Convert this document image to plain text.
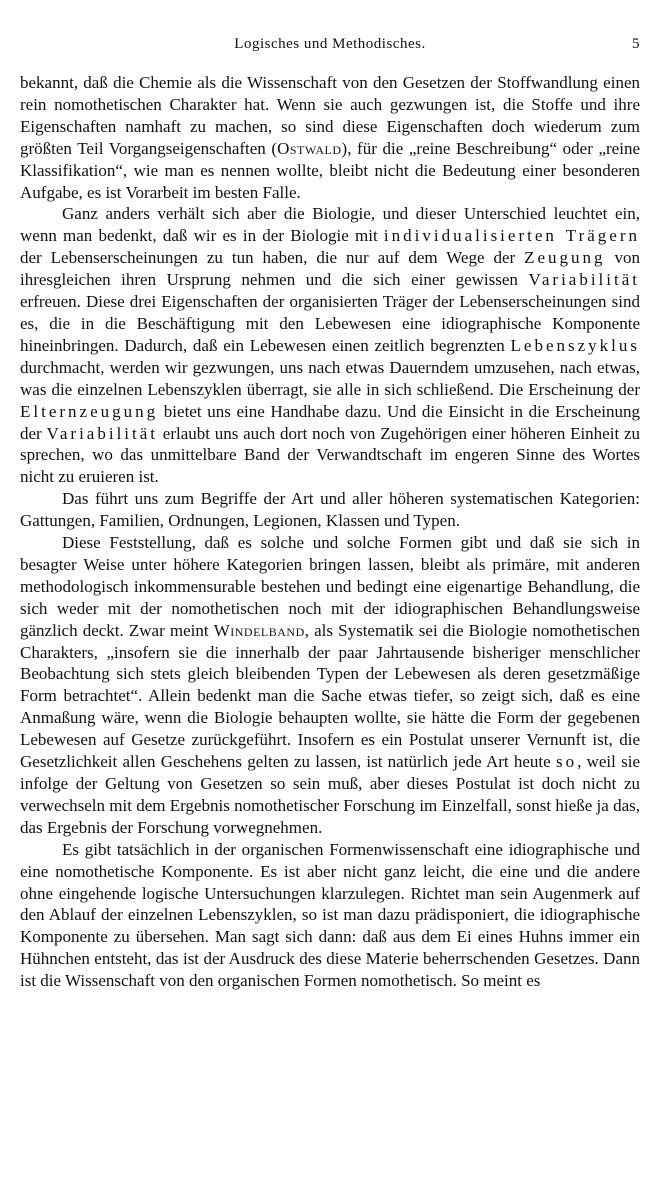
Logisches und Methodisches.	5

bekannt, daß die Chemie als die Wissenschaft von den Gesetzen der Stoffwandlung einen rein nomothetischen Charakter hat. Wenn sie auch gezwungen ist, die Stoffe und ihre Eigenschaften namhaft zu machen, so sind diese Eigenschaften doch wiederum zum größten Teil Vorgangseigenschaften (Ostwald), für die „reine Beschreibung“ oder „reine Klassifikation“, wie man es nennen wollte, bleibt nicht die Bedeutung einer besonderen Aufgabe, es ist Vorarbeit im besten Falle.

Ganz anders verhält sich aber die Biologie, und dieser Unterschied leuchtet ein, wenn man bedenkt, daß wir es in der Biologie mit individualisierten Trägern der Lebenserscheinungen zu tun haben, die nur auf dem Wege der Zeugung von ihresgleichen ihren Ursprung nehmen und die sich einer gewissen Variabilität erfreuen. Diese drei Eigenschaften der organisierten Träger der Lebenserscheinungen sind es, die in die Beschäftigung mit den Lebewesen eine idiographische Komponente hineinbringen. Dadurch, daß ein Lebewesen einen zeitlich begrenzten Lebenszyklus durchmacht, werden wir gezwungen, uns nach etwas Dauerndem umzusehen, nach etwas, was die einzelnen Lebenszyklen überragt, sie alle in sich schließend. Die Erscheinung der Elternzeugung bietet uns eine Handhabe dazu. Und die Einsicht in die Erscheinung der Variabilität erlaubt uns auch dort noch von Zugehörigen einer höheren Einheit zu sprechen, wo das unmittelbare Band der Verwandtschaft im engeren Sinne des Wortes nicht zu eruieren ist.

Das führt uns zum Begriffe der Art und aller höheren systematischen Kategorien: Gattungen, Familien, Ordnungen, Legionen, Klassen und Typen.

Diese Feststellung, daß es solche und solche Formen gibt und daß sie sich in besagter Weise unter höhere Kategorien bringen lassen, bleibt als primäre, mit anderen methodologisch inkommensurable bestehen und bedingt eine eigenartige Behandlung, die sich weder mit der nomothetischen noch mit der idiographischen Behandlungsweise gänzlich deckt. Zwar meint Windelband, als Systematik sei die Biologie nomothetischen Charakters, „insofern sie die innerhalb der paar Jahrtausende bisheriger menschlicher Beobachtung sich stets gleich bleibenden Typen der Lebewesen als deren gesetzmäßige Form betrachtet“. Allein bedenkt man die Sache etwas tiefer, so zeigt sich, daß es eine Anmaßung wäre, wenn die Biologie behaupten wollte, sie hätte die Form der gegebenen Lebewesen auf Gesetze zurückgeführt. Insofern es ein Postulat unserer Vernunft ist, die Gesetzlichkeit allen Geschehens gelten zu lassen, ist natürlich jede Art heute so, weil sie infolge der Geltung von Gesetzen so sein muß, aber dieses Postulat ist doch nicht zu verwechseln mit dem Ergebnis nomothetischer Forschung im Einzelfall, sonst hieße ja das, das Ergebnis der Forschung vorwegnehmen.

Es gibt tatsächlich in der organischen Formenwissenschaft eine idiographische und eine nomothetische Komponente. Es ist aber nicht ganz leicht, die eine und die andere ohne eingehende logische Untersuchungen klarzulegen. Richtet man sein Augenmerk auf den Ablauf der einzelnen Lebenszyklen, so ist man dazu prädisponiert, die idiographische Komponente zu übersehen. Man sagt sich dann: daß aus dem Ei eines Huhns immer ein Hühnchen entsteht, das ist der Ausdruck des diese Materie beherrschenden Gesetzes. Dann ist die Wissenschaft von den organischen Formen nomothetisch. So meint es
